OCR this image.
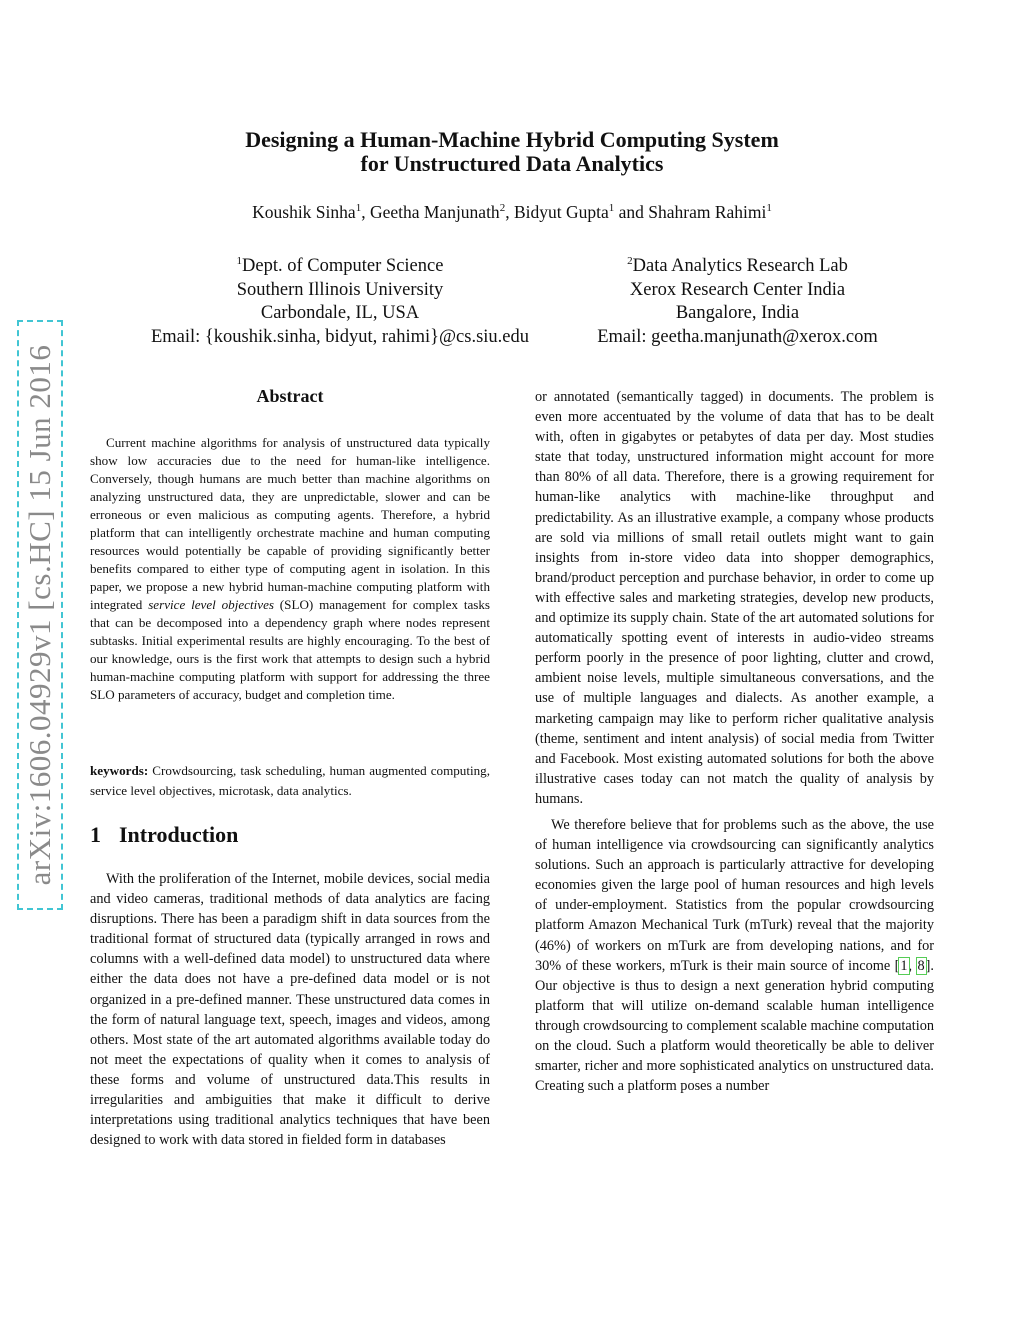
arXiv:1606.04929v1 [cs.HC] 15 Jun 2016
Designing a Human-Machine Hybrid Computing System
for Unstructured Data Analytics
Koushik Sinha$^1$, Geetha Manjunath$^2$, Bidyut Gupta$^1$ and Shahram Rahimi$^1$
$^1$Dept. of Computer Science
Southern Illinois University
Carbondale, IL, USA
Email: {koushik.sinha, bidyut, rahimi}@cs.siu.edu
$^2$Data Analytics Research Lab
Xerox Research Center India
Bangalore, India
Email: geetha.manjunath@xerox.com
Abstract

Current machine algorithms for analysis of unstructured data typically show low accuracies due to the need for human-like intelligence. Conversely, though humans are much better than machine algorithms on analyzing unstructured data, they are unpredictable, slower and can be erroneous or even malicious as computing agents. Therefore, a hybrid platform that can intelligently orchestrate machine and human computing resources would potentially be capable of providing significantly better benefits compared to either type of computing agent in isolation. In this paper, we propose a new hybrid human-machine computing platform with integrated service level objectives (SLO) management for complex tasks that can be decomposed into a dependency graph where nodes represent subtasks. Initial experimental results are highly encouraging. To the best of our knowledge, ours is the first work that attempts to design such a hybrid human-machine computing platform with support for addressing the three SLO parameters of accuracy, budget and completion time.

keywords: Crowdsourcing, task scheduling, human augmented computing, service level objectives, microtask, data analytics.

1 Introduction

With the proliferation of the Internet, mobile devices, social media and video cameras, traditional methods of data analytics are facing disruptions. There has been a paradigm shift in data sources from the traditional format of structured data (typically arranged in rows and columns with a well-defined data model) to unstructured data where either the data does not have a pre-defined data model or is not organized in a pre-defined manner. These unstructured data comes in the form of natural language text, speech, images and videos, among others. Most state of the art automated algorithms available today do not meet the expectations of quality when it comes to analysis of these forms and volume of unstructured data.This results in irregularities and ambiguities that make it difficult to derive interpretations using traditional analytics techniques that have been designed to work with data stored in fielded form in databases

or annotated (semantically tagged) in documents. The problem is even more accentuated by the volume of data that has to be dealt with, often in gigabytes or petabytes of data per day. Most studies state that today, unstructured information might account for more than 80% of all data. Therefore, there is a growing requirement for human-like analytics with machine-like throughput and predictability. As an illustrative example, a company whose products are sold via millions of small retail outlets might want to gain insights from in-store video data into shopper demographics, brand/product perception and purchase behavior, in order to come up with effective sales and marketing strategies, develop new products, and optimize its supply chain. State of the art automated solutions for automatically spotting event of interests in audio-video streams perform poorly in the presence of poor lighting, clutter and crowd, ambient noise levels, multiple simultaneous conversations, and the use of multiple languages and dialects. As another example, a marketing campaign may like to perform richer qualitative analysis (theme, sentiment and intent analysis) of social media from Twitter and Facebook. Most existing automated solutions for both the above illustrative cases today can not match the quality of analysis by humans.

We therefore believe that for problems such as the above, the use of human intelligence via crowdsourcing can significantly analytics solutions. Such an approach is particularly attractive for developing economies given the large pool of human resources and high levels of under-employment. Statistics from the popular crowdsourcing platform Amazon Mechanical Turk (mTurk) reveal that the majority (46%) of workers on mTurk are from developing nations, and for 30% of these workers, mTurk is their main source of income [1, 8]. Our objective is thus to design a next generation hybrid computing platform that will utilize on-demand scalable human intelligence through crowdsourcing to complement scalable machine computation on the cloud. Such a platform would theoretically be able to deliver smarter, richer and more sophisticated analytics on unstructured data. Creating such a platform poses a number
